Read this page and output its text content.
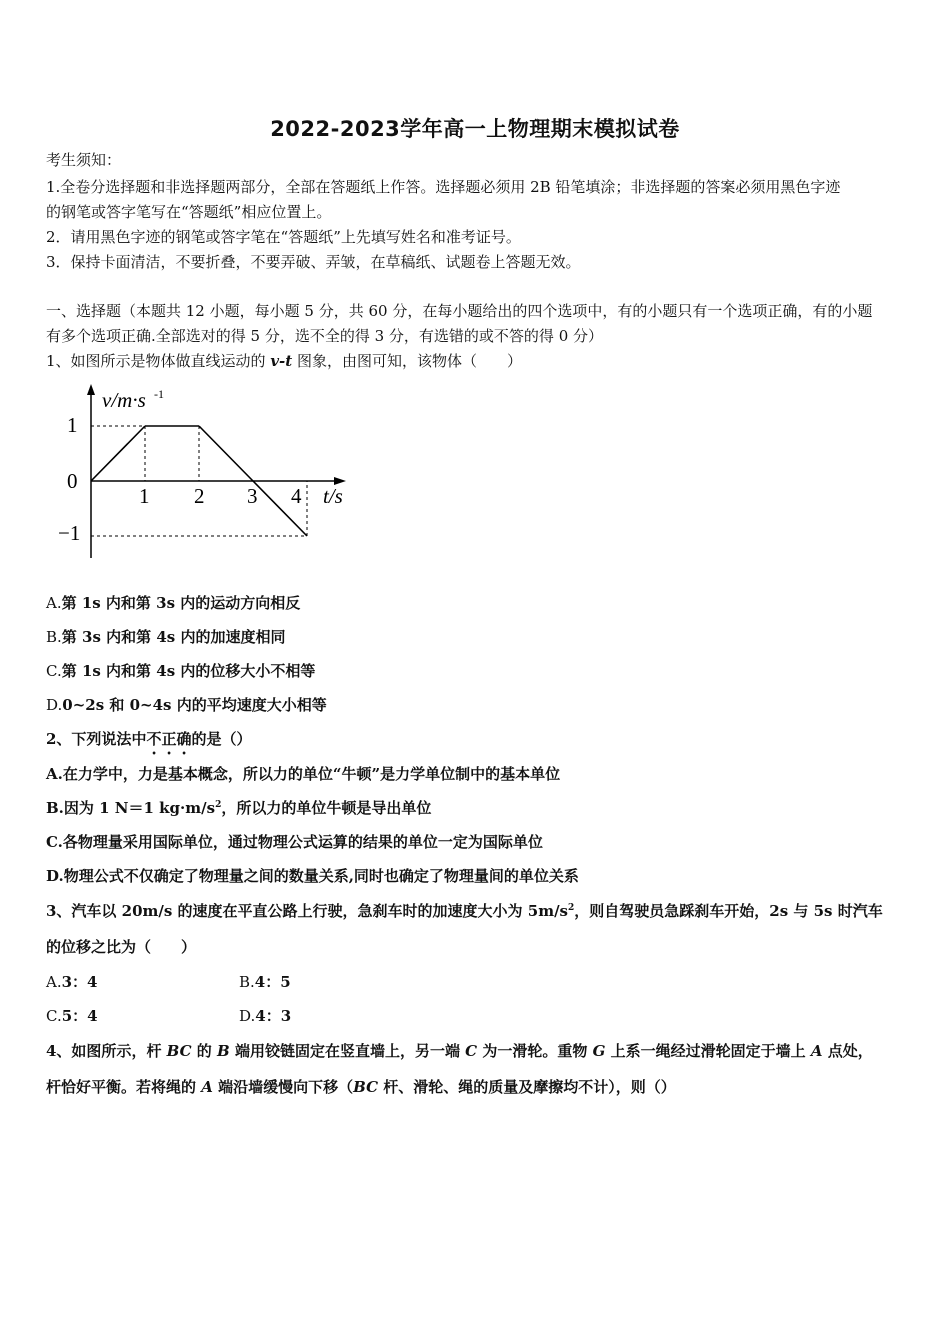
2022-2023学年高一上物理期末模拟试卷
考生须知：
1.全卷分选择题和非选择题两部分，全部在答题纸上作答。选择题必须用 2B 铅笔填涂；非选择题的答案必须用黑色字迹
的钢笔或答字笔写在“答题纸”相应位置上。
2．请用黑色字迹的钢笔或答字笔在“答题纸”上先填写姓名和准考证号。
3．保持卡面清洁，不要折叠，不要弄破、弄皱，在草稿纸、试题卷上答题无效。
一、选择题（本题共 12 小题，每小题 5 分，共 60 分，在每小题给出的四个选项中，有的小题只有一个选项正确，有的小题
有多个选项正确.全部选对的得 5 分，选不全的得 3 分，有选错的或不答的得 0 分）
1、如图所示是物体做直线运动的 v-t 图象，由图可知，该物体（　　）
v/m·s -1
t/s
1
0
−1
1 2 3 4
A.第 1s 内和第 3s 内的运动方向相反
B.第 3s 内和第 4s 内的加速度相同
C.第 1s 内和第 4s 内的位移大小不相等
D.0~2s 和 0~4s 内的平均速度大小相等
2、下列说法中不正确的是（）
A.在力学中，力是基本概念，所以力的单位“牛顿”是力学单位制中的基本单位
B.因为 1 N＝1 $kg\cdot m/s^2$，所以力的单位牛顿是导出单位
C.各物理量采用国际单位，通过物理公式运算的结果的单位一定为国际单位
D.物理公式不仅确定了物理量之间的数量关系,同时也确定了物理量间的单位关系
3、汽车以 20m/s 的速度在平直公路上行驶，急刹车时的加速度大小为 $5m/s^2$，则自驾驶员急踩刹车开始，2s 与 5s 时汽车
的位移之比为（　　）
A.3：4	B.4：5
C.5：4	D.4：3
4、如图所示，杆 BC 的 B 端用铰链固定在竖直墙上，另一端 C 为一滑轮。重物 G 上系一绳经过滑轮固定于墙上 A 点处，
杆恰好平衡。若将绳的 A 端沿墙缓慢向下移（BC 杆、滑轮、绳的质量及摩擦均不计），则（）
